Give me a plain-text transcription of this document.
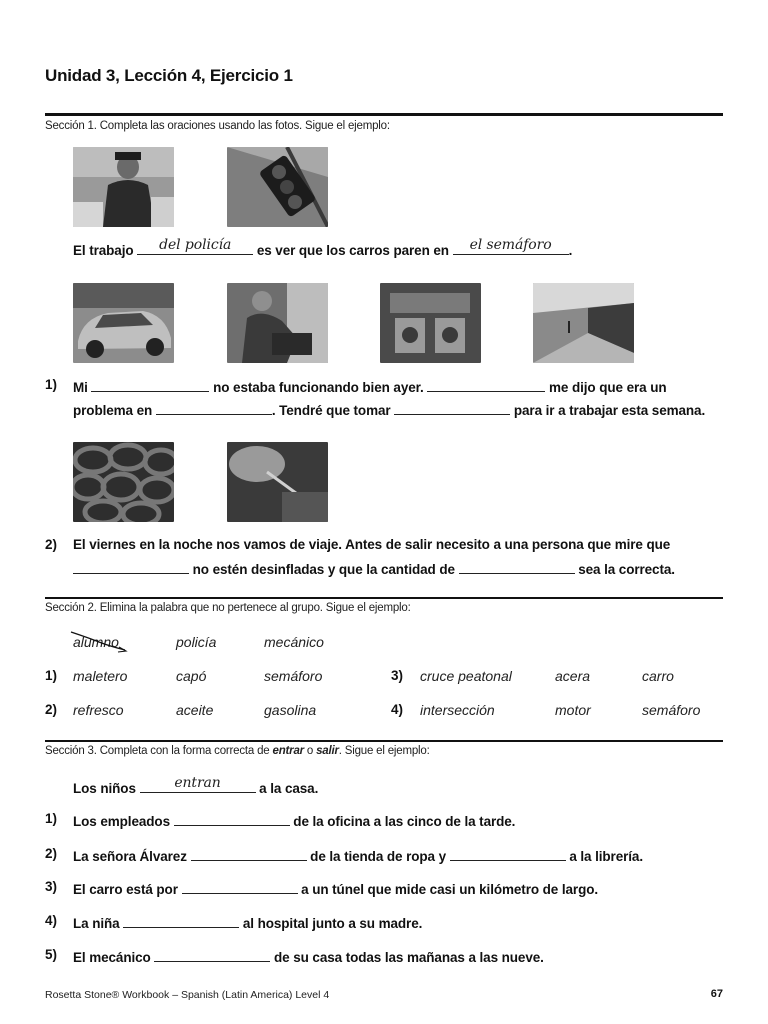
Unidad 3, Lección 4, Ejercicio 1
Sección 1. Completa las oraciones usando las fotos. Sigue el ejemplo:
El trabajo	del policía	es ver que los carros paren en	el semáforo	.
1) Mi	no estaba funcionando bien ayer.	me dijo que era un
problema en	. Tendré que tomar	para ir a trabajar esta semana.
2) El viernes en la noche nos vamos de viaje. Antes de salir necesito a una persona que mire que
no estén desinfladas y que la cantidad de	sea la correcta.
Sección 2. Elimina la palabra que no pertenece al grupo. Sigue el ejemplo:
alumno	policía	mecánico
1) maletero	capó	semáforo
2) refresco	aceite	gasolina
3) cruce peatonal	acera	carro
4) intersección	motor	semáforo
Sección 3. Completa con la forma correcta de entrar o salir. Sigue el ejemplo:
Los niños	entran	a la casa.
1) Los empleados	de la oficina a las cinco de la tarde.
2) La señora Álvarez	de la tienda de ropa y	a la librería.
3) El carro está por	a un túnel que mide casi un kilómetro de largo.
4) La niña	al hospital junto a su madre.
5) El mecánico	de su casa todas las mañanas a las nueve.
Rosetta Stone® Workbook – Spanish (Latin America) Level 4	67
